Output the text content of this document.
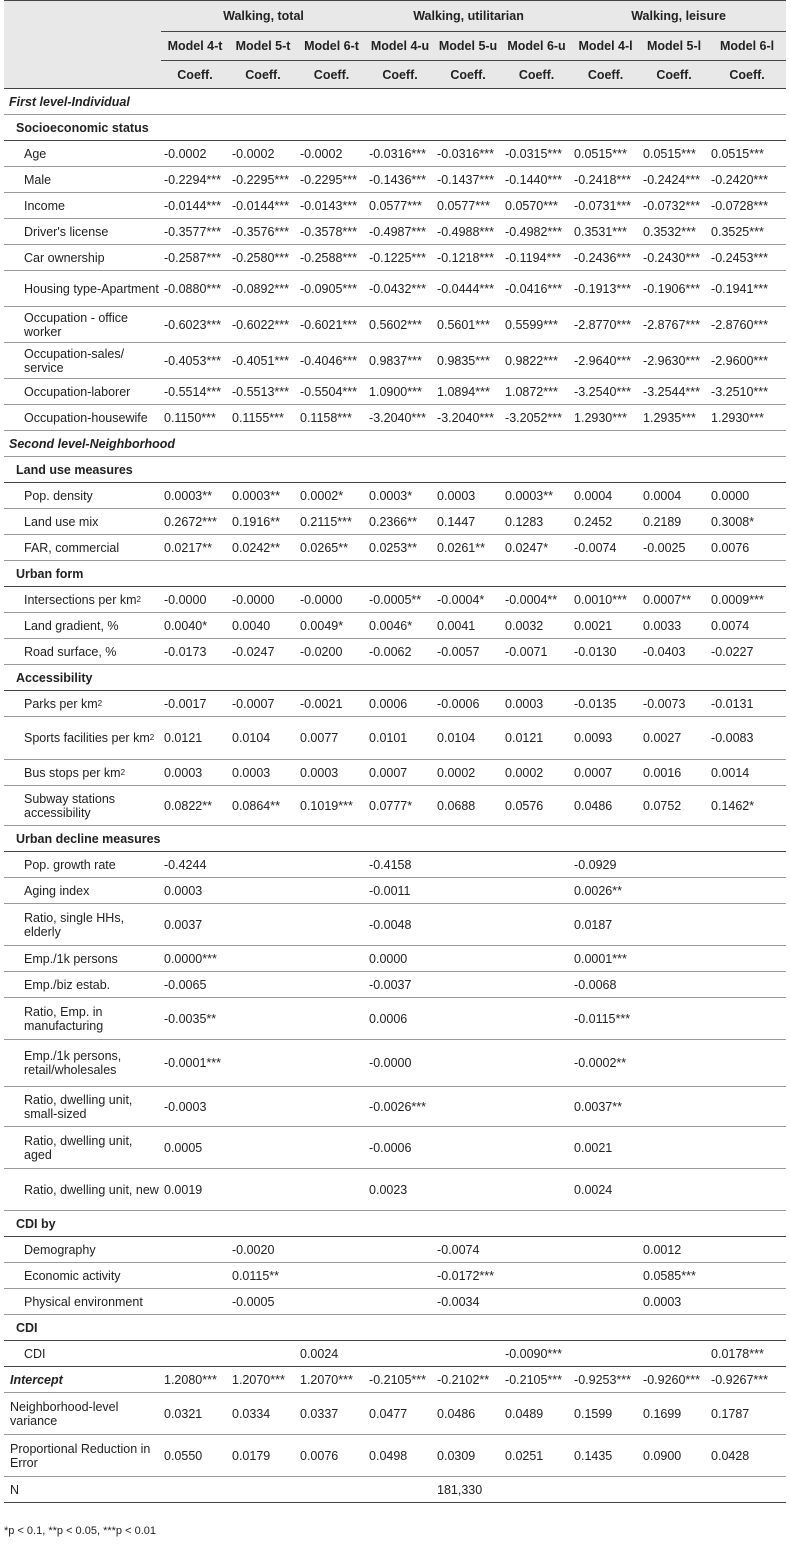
	Walking, total			Walking, utilitarian			Walking, leisure		
	Model 4-t	Model 5-t	Model 6-t	Model 4-u	Model 5-u	Model 6-u	Model 4-l	Model 5-l	Model 6-l
	Coeff.	Coeff.	Coeff.	Coeff.	Coeff.	Coeff.	Coeff.	Coeff.	Coeff.
First level-Individual									
Socioeconomic status									
Age	-0.0002	-0.0002	-0.0002	-0.0316***	-0.0316***	-0.0315***	0.0515***	0.0515***	0.0515***
Male	-0.2294***	-0.2295***	-0.2295***	-0.1436***	-0.1437***	-0.1440***	-0.2418***	-0.2424***	-0.2420***
Income	-0.0144***	-0.0144***	-0.0143***	0.0577***	0.0577***	0.0570***	-0.0731***	-0.0732***	-0.0728***
Driver's license	-0.3577***	-0.3576***	-0.3578***	-0.4987***	-0.4988***	-0.4982***	0.3531***	0.3532***	0.3525***
Car ownership	-0.2587***	-0.2580***	-0.2588***	-0.1225***	-0.1218***	-0.1194***	-0.2436***	-0.2430***	-0.2453***
Housing type-Apartment	-0.0880***	-0.0892***	-0.0905***	-0.0432***	-0.0444***	-0.0416***	-0.1913***	-0.1906***	-0.1941***
Occupation - office worker	-0.6023***	-0.6022***	-0.6021***	0.5602***	0.5601***	0.5599***	-2.8770***	-2.8767***	-2.8760***
Occupation-sales/ service	-0.4053***	-0.4051***	-0.4046***	0.9837***	0.9835***	0.9822***	-2.9640***	-2.9630***	-2.9600***
Occupation-laborer	-0.5514***	-0.5513***	-0.5504***	1.0900***	1.0894***	1.0872***	-3.2540***	-3.2544***	-3.2510***
Occupation-housewife	0.1150***	0.1155***	0.1158***	-3.2040***	-3.2040***	-3.2052***	1.2930***	1.2935***	1.2930***
Second level-Neighborhood									
Land use measures									
Pop. density	0.0003**	0.0003**	0.0002*	0.0003*	0.0003	0.0003**	0.0004	0.0004	0.0000
Land use mix	0.2672***	0.1916**	0.2115***	0.2366**	0.1447	0.1283	0.2452	0.2189	0.3008*
FAR, commercial	0.0217**	0.0242**	0.0265**	0.0253**	0.0261**	0.0247*	-0.0074	-0.0025	0.0076
Urban form									
Intersections per $km^2$	-0.0000	-0.0000	-0.0000	-0.0005**	-0.0004*	-0.0004**	0.0010***	0.0007**	0.0009***
Land gradient, %	0.0040*	0.0040	0.0049*	0.0046*	0.0041	0.0032	0.0021	0.0033	0.0074
Road surface, %	-0.0173	-0.0247	-0.0200	-0.0062	-0.0057	-0.0071	-0.0130	-0.0403	-0.0227
Accessibility									
Parks per $km^2$	-0.0017	-0.0007	-0.0021	0.0006	-0.0006	0.0003	-0.0135	-0.0073	-0.0131
Sports facilities per $km^2$	0.0121	0.0104	0.0077	0.0101	0.0104	0.0121	0.0093	0.0027	-0.0083
Bus stops per $km^2$	0.0003	0.0003	0.0003	0.0007	0.0002	0.0002	0.0007	0.0016	0.0014
Subway stations accessibility	0.0822**	0.0864**	0.1019***	0.0777*	0.0688	0.0576	0.0486	0.0752	0.1462*
Urban decline measures									
Pop. growth rate	-0.4244			-0.4158			-0.0929		
Aging index	0.0003			-0.0011			0.0026**		
Ratio, single HHs, elderly	0.0037			-0.0048			0.0187		
Emp./1k persons	0.0000***			0.0000			0.0001***		
Emp./biz estab.	-0.0065			-0.0037			-0.0068		
Ratio, Emp. in manufacturing	-0.0035**			0.0006			-0.0115***		
Emp./1k persons, retail/wholesales	-0.0001***			-0.0000			-0.0002**		
Ratio, dwelling unit, small-sized	-0.0003			-0.0026***			0.0037**		
Ratio, dwelling unit, aged	0.0005			-0.0006			0.0021		
Ratio, dwelling unit, new	0.0019			0.0023			0.0024		
CDI by									
Demography		-0.0020			-0.0074			0.0012	
Economic activity		0.0115**			-0.0172***			0.0585***	
Physical environment		-0.0005			-0.0034			0.0003	
CDI									
CDI			0.0024			-0.0090***			0.0178***
Intercept	1.2080***	1.2070***	1.2070***	-0.2105***	-0.2102**	-0.2105***	-0.9253***	-0.9260***	-0.9267***
Neighborhood-level variance	0.0321	0.0334	0.0337	0.0477	0.0486	0.0489	0.1599	0.1699	0.1787
Proportional Reduction in Error	0.0550	0.0179	0.0076	0.0498	0.0309	0.0251	0.1435	0.0900	0.0428
N					181,330				
*p < 0.1, **p < 0.05, ***p < 0.01
